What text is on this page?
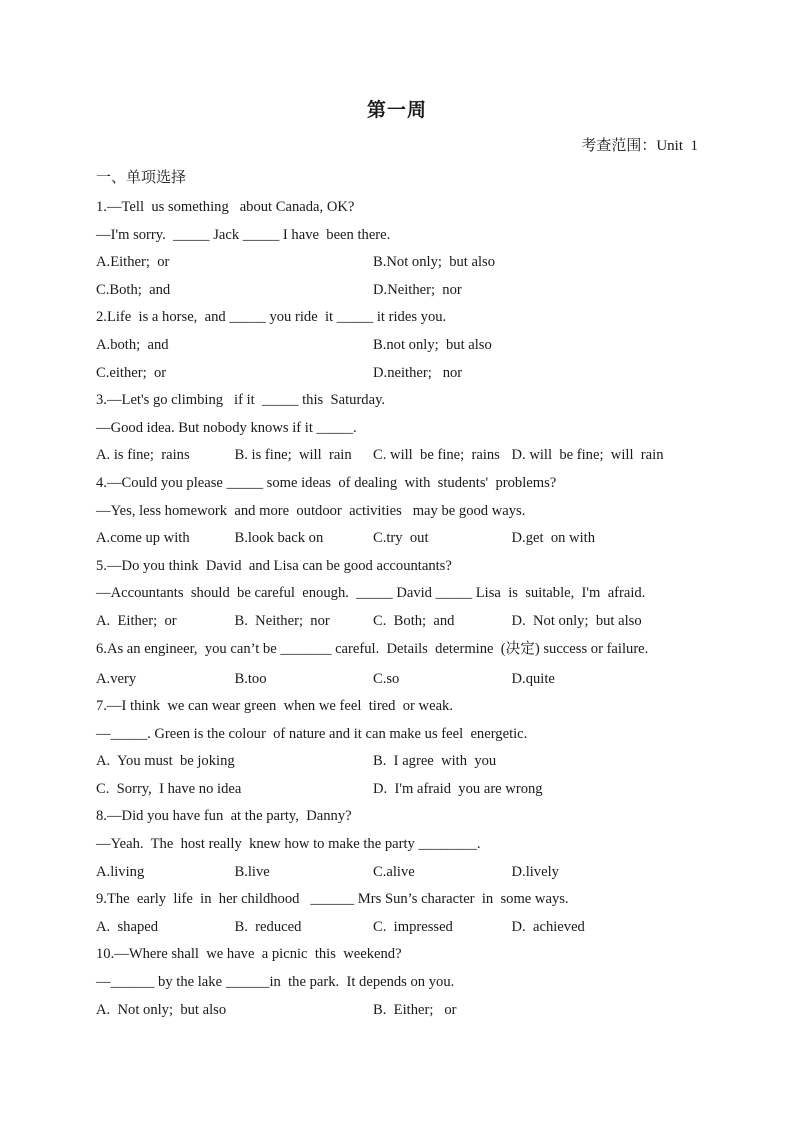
第一周
考查范围：Unit  1
一、单项选择
1.—Tell  us something   about Canada, OK?
—I'm sorry.  _____ Jack _____ I have  been there.
A.Either;  or	B.Not only;  but also
C.Both;  and	D.Neither;  nor
2.Life  is a horse,  and _____ you ride  it _____ it rides you.
A.both;  and	B.not only;  but also
C.either;  or	D.neither;   nor
3.—Let's go climbing   if it  _____ this  Saturday.
—Good idea. But nobody knows if it _____.
A. is fine;  rains	B. is fine;  will  rain	C. will  be fine;  rains D. will  be fine;  will  rain
4.—Could you please _____ some ideas  of dealing  with  students'  problems?
—Yes, less homework  and more  outdoor  activities   may be good ways.
A.come up with	B.look back on	C.try  out	D.get  on with
5.—Do you think  David  and Lisa can be good accountants?
—Accountants  should  be careful  enough.  _____ David _____ Lisa  is  suitable,  I'm  afraid.
A.  Either;  or	B.  Neither;  nor	C.  Both;  and	D.  Not only;  but also
6.As an engineer,  you can’t be _______ careful.  Details  determine  (决定) success or failure.
A.very	B.too	C.so	D.quite
7.—I think  we can wear green  when we feel  tired  or weak.
—_____. Green is the colour  of nature and it can make us feel  energetic.
A.  You must  be joking	B.  I agree  with  you
C.  Sorry,  I have no idea	D.  I'm afraid  you are wrong
8.—Did you have fun  at the party,  Danny?
—Yeah.  The  host really  knew how to make the party ________.
A.living	B.live	C.alive	D.lively
9.The  early  life  in  her childhood   ______ Mrs Sun’s character  in  some ways.
A.  shaped	B.  reduced	C.  impressed	D.  achieved
10.—Where shall  we have  a picnic  this  weekend?
—______ by the lake ______in  the park.  It depends on you.
A.  Not only;  but also	B.  Either;   or
